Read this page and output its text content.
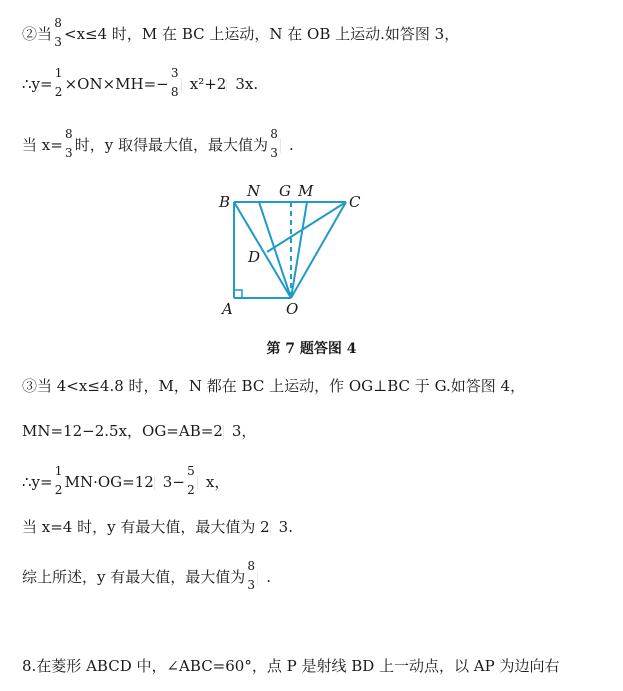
②当
8
3 <x≤4 时，M 在 BC 上运动，N 在 OB 上运动.如答图 3，
∴y=
1
2 ×ON×MH=−
3
8 x²+2 3x.
当 x=
8
3 时，y 取得最大值，最大值为
8
3 .
B
N G M
C
D
A	O
第 7 题答图 4
③当 4<x≤4.8 时，M，N 都在 BC 上运动，作 OG⊥BC 于 G.如答图 4，
MN=12−2.5x，OG=AB=2 3，
∴y=
1
2 MN·OG=12 3−
5
2 x，
当 x=4 时，y 有最大值，最大值为 2 3.
综上所述，y 有最大值，最大值为
8
3 .
8.在菱形 ABCD 中，∠ABC=60°，点 P 是射线 BD 上一动点，以 AP 为边向右
